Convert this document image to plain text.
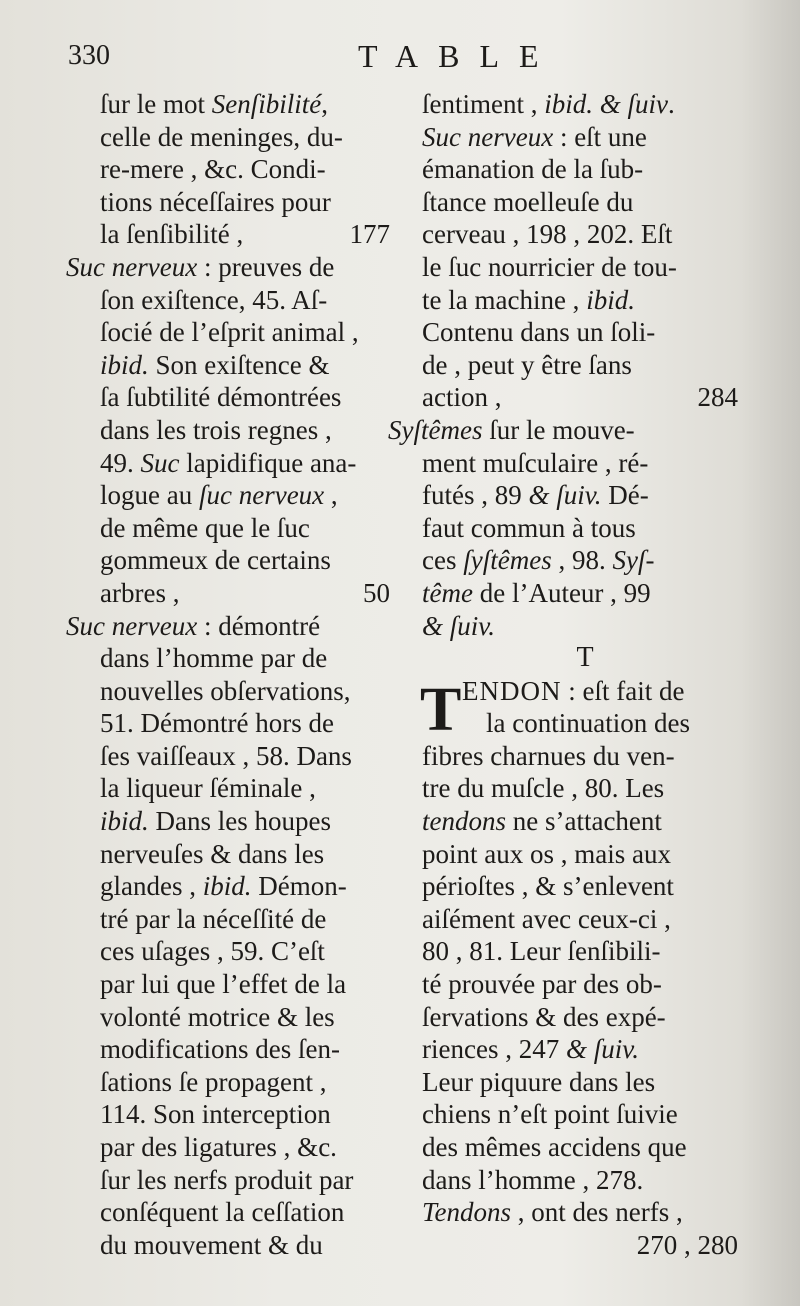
330	TABLE
ſur le mot Senſibilité,
celle de meninges, du-
re-mere , &c. Condi-
tions néceſſaires pour
la ſenſibilité ,	177
Suc nerveux : preuves de
ſon exiſtence, 45. Aſ-
ſocié de l’eſprit animal ,
ibid. Son exiſtence &
ſa ſubtilité démontrées
dans les trois regnes ,
49. Suc lapidifique ana-
logue au ſuc nerveux ,
de même que le ſuc
gommeux de certains
arbres ,	50
Suc nerveux : démontré
dans l’homme par de
nouvelles obſervations,
51. Démontré hors de
ſes vaiſſeaux , 58. Dans
la liqueur ſéminale ,
ibid. Dans les houpes
nerveuſes & dans les
glandes , ibid. Démon-
tré par la néceſſité de
ces uſages , 59. C’eſt
par lui que l’effet de la
volonté motrice & les
modifications des ſen-
ſations ſe propagent ,
114. Son interception
par des ligatures , &c.
ſur les nerfs produit par
conſéquent la ceſſation
du mouvement & du
ſentiment , ibid. & ſuiv.
Suc nerveux : eſt une
émanation de la ſub-
ſtance moelleuſe du
cerveau , 198 , 202. Eſt
le ſuc nourricier de tou-
te la machine , ibid.
Contenu dans un ſoli-
de , peut y être ſans
action ,	284
Syſtêmes ſur le mouve-
ment muſculaire , ré-
futés , 89 & ſuiv. Dé-
faut commun à tous
ces ſyſtêmes , 98. Syſ-
tême de l’Auteur , 99
& ſuiv.
T
T ENDON : eſt fait de
la continuation des
fibres charnues du ven-
tre du muſcle , 80. Les
tendons ne s’attachent
point aux os , mais aux
périoſtes , & s’enlevent
aiſément avec ceux-ci ,
80 , 81. Leur ſenſibili-
té prouvée par des ob-
ſervations & des expé-
riences , 247 & ſuiv.
Leur piquure dans les
chiens n’eſt point ſuivie
des mêmes accidens que
dans l’homme , 278.
Tendons , ont des nerfs ,
270 , 280
